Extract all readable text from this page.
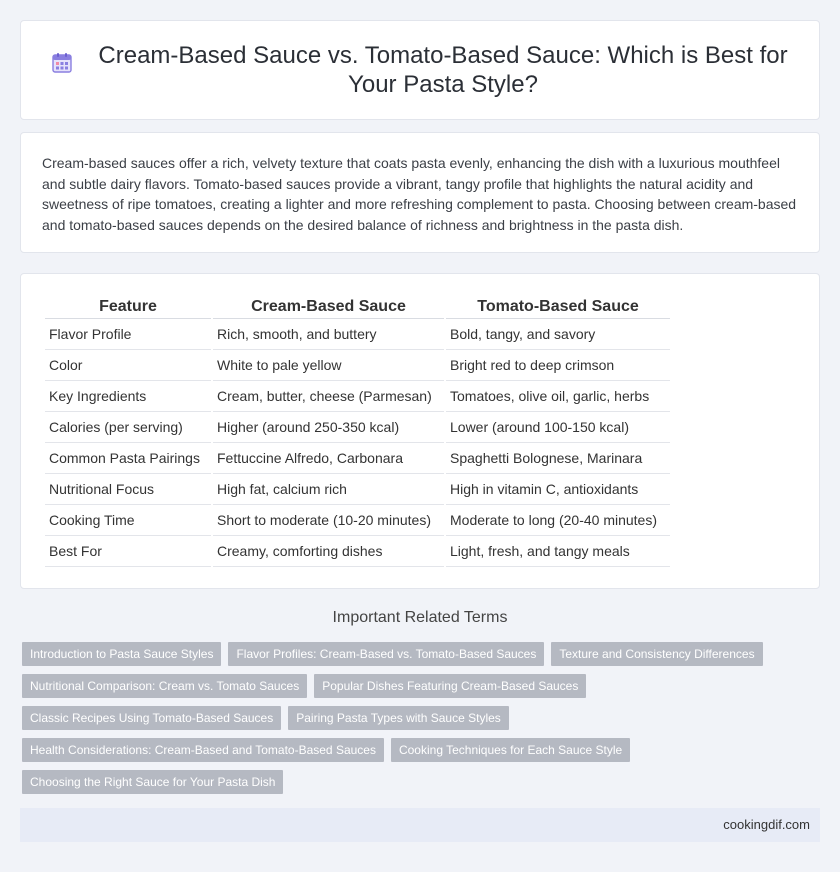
Cream-Based Sauce vs. Tomato-Based Sauce: Which is Best for Your Pasta Style?

Cream-based sauces offer a rich, velvety texture that coats pasta evenly, enhancing the dish with a luxurious mouthfeel and subtle dairy flavors. Tomato-based sauces provide a vibrant, tangy profile that highlights the natural acidity and sweetness of ripe tomatoes, creating a lighter and more refreshing complement to pasta. Choosing between cream-based and tomato-based sauces depends on the desired balance of richness and brightness in the pasta dish.

Feature	Cream-Based Sauce	Tomato-Based Sauce
Flavor Profile	Rich, smooth, and buttery	Bold, tangy, and savory
Color	White to pale yellow	Bright red to deep crimson
Key Ingredients	Cream, butter, cheese (Parmesan)	Tomatoes, olive oil, garlic, herbs
Calories (per serving)	Higher (around 250-350 kcal)	Lower (around 100-150 kcal)
Common Pasta Pairings	Fettuccine Alfredo, Carbonara	Spaghetti Bolognese, Marinara
Nutritional Focus	High fat, calcium rich	High in vitamin C, antioxidants
Cooking Time	Short to moderate (10-20 minutes)	Moderate to long (20-40 minutes)
Best For	Creamy, comforting dishes	Light, fresh, and tangy meals
Important Related Terms
Introduction to Pasta Sauce Styles	Flavor Profiles: Cream-Based vs. Tomato-Based Sauces	Texture and Consistency Differences
Nutritional Comparison: Cream vs. Tomato Sauces	Popular Dishes Featuring Cream-Based Sauces
Classic Recipes Using Tomato-Based Sauces	Pairing Pasta Types with Sauce Styles
Health Considerations: Cream-Based and Tomato-Based Sauces	Cooking Techniques for Each Sauce Style
Choosing the Right Sauce for Your Pasta Dish
cookingdif.com
